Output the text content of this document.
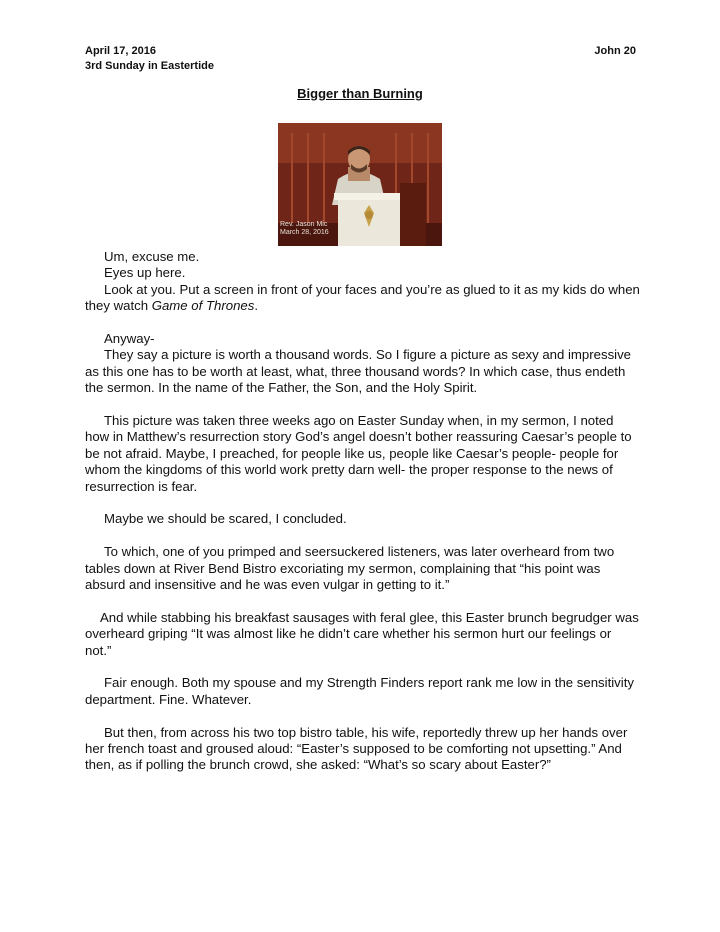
April 17, 2016	John 20
3rd Sunday in Eastertide
Bigger than Burning
Rev. Jason Mic
March 28, 2016

Um, excuse me.

Eyes up here.

Look at you. Put a screen in front of your faces and you’re as glued to it as my kids do when they watch Game of Thrones.

Anyway-

They say a picture is worth a thousand words. So I figure a picture as sexy and impressive as this one has to be worth at least, what, three thousand words? In which case, thus endeth the sermon. In the name of the Father, the Son, and the Holy Spirit.

This picture was taken three weeks ago on Easter Sunday when, in my sermon, I noted how in Matthew’s resurrection story God’s angel doesn’t bother reassuring Caesar’s people to be not afraid. Maybe, I preached, for people like us, people like Caesar’s people- people for whom the kingdoms of this world work pretty darn well- the proper response to the news of resurrection is fear.

Maybe we should be scared, I concluded.

To which, one of you primped and seersuckered listeners, was later overheard from two tables down at River Bend Bistro excoriating my sermon, complaining that “his point was absurd and insensitive and he was even vulgar in getting to it.”

And while stabbing his breakfast sausages with feral glee, this Easter brunch begrudger was overheard griping “It was almost like he didn’t care whether his sermon hurt our feelings or not.”

Fair enough. Both my spouse and my Strength Finders report rank me low in the sensitivity department. Fine. Whatever.

But then, from across his two top bistro table, his wife, reportedly threw up her hands over her french toast and groused aloud: “Easter’s supposed to be comforting not upsetting.” And then, as if polling the brunch crowd, she asked: “What’s so scary about Easter?”
